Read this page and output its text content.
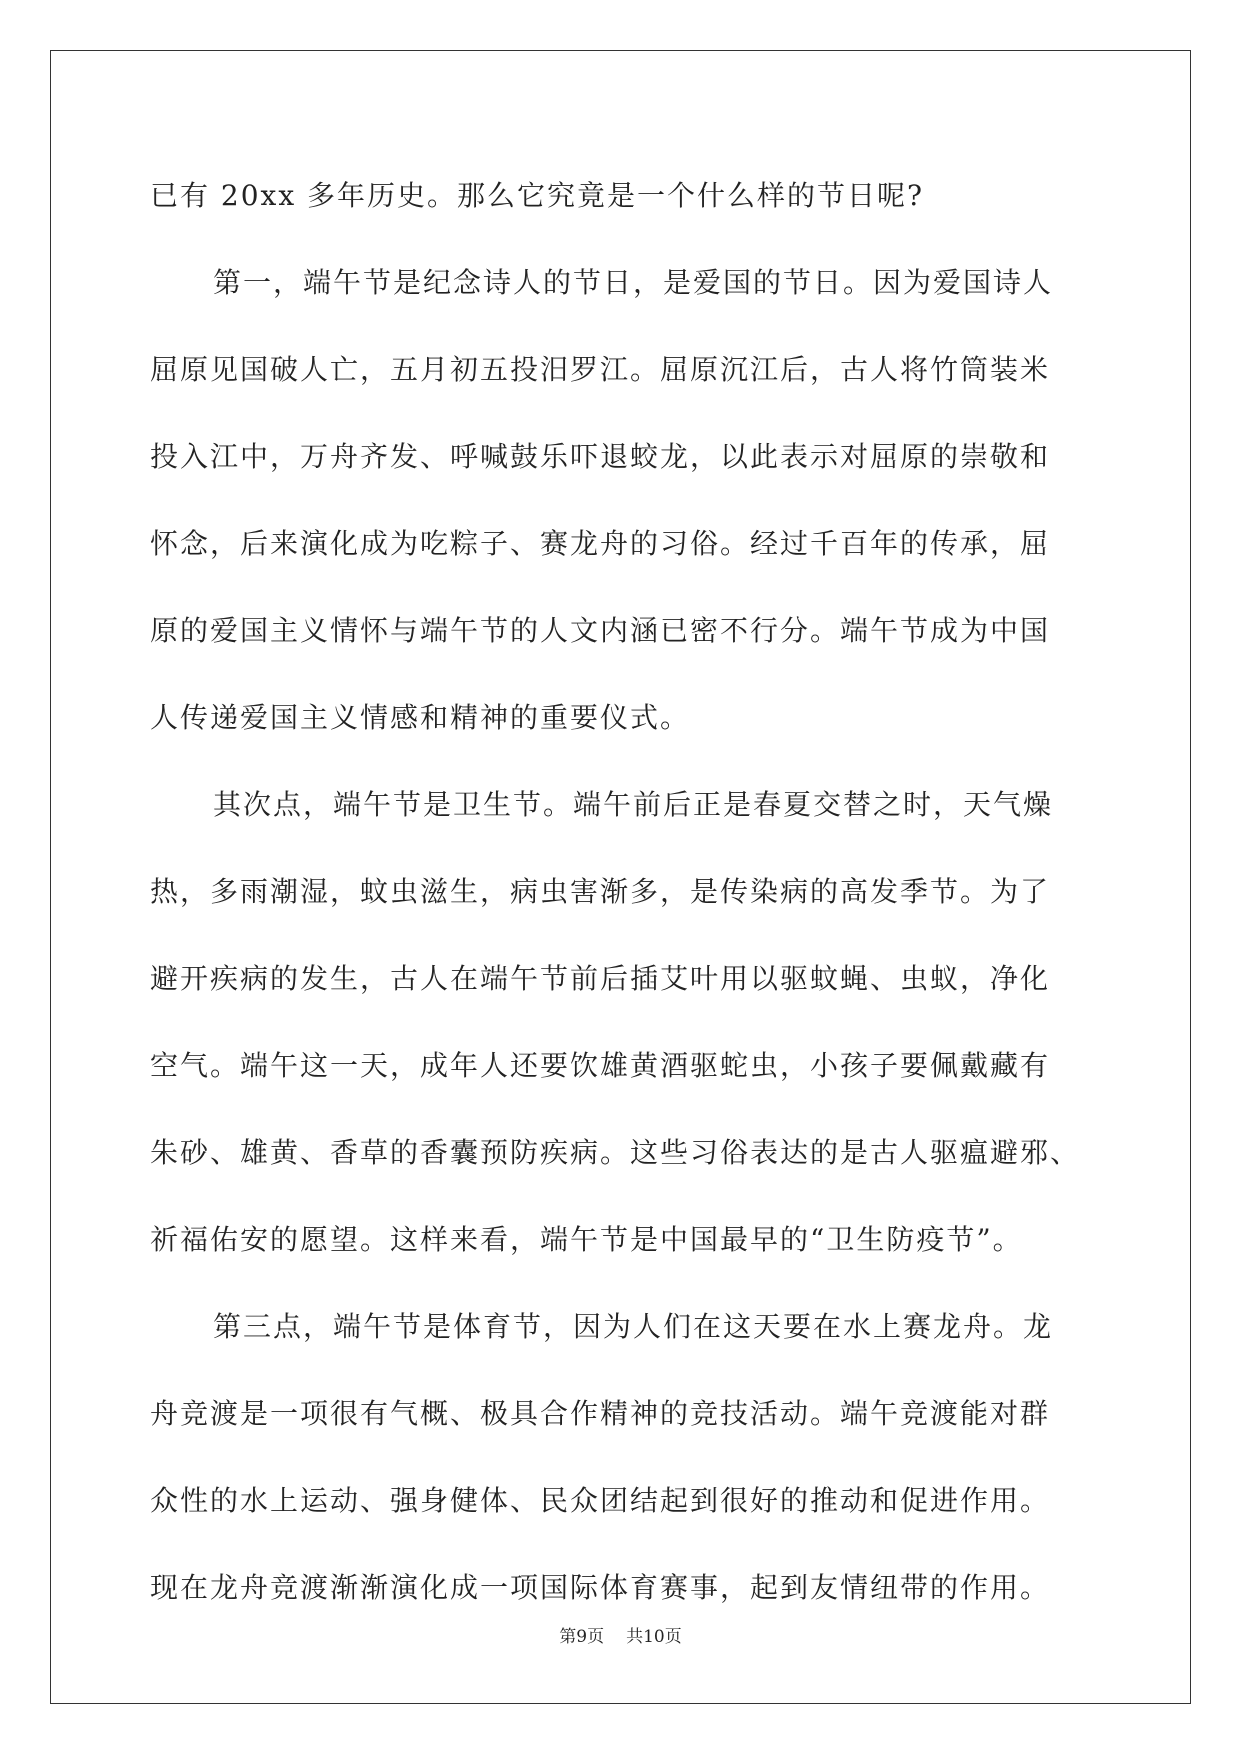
已有 20xx 多年历史。那么它究竟是一个什么样的节日呢?
第一，端午节是纪念诗人的节日，是爱国的节日。因为爱国诗人
屈原见国破人亡，五月初五投汨罗江。屈原沉江后，古人将竹筒装米
投入江中，万舟齐发、呼喊鼓乐吓退蛟龙，以此表示对屈原的崇敬和
怀念，后来演化成为吃粽子、赛龙舟的习俗。经过千百年的传承，屈
原的爱国主义情怀与端午节的人文内涵已密不行分。端午节成为中国
人传递爱国主义情感和精神的重要仪式。
其次点，端午节是卫生节。端午前后正是春夏交替之时，天气燥
热，多雨潮湿，蚊虫滋生，病虫害渐多，是传染病的高发季节。为了
避开疾病的发生，古人在端午节前后插艾叶用以驱蚊蝇、虫蚁，净化
空气。端午这一天，成年人还要饮雄黄酒驱蛇虫，小孩子要佩戴藏有
朱砂、雄黄、香草的香囊预防疾病。这些习俗表达的是古人驱瘟避邪、
祈福佑安的愿望。这样来看，端午节是中国最早的“卫生防疫节”。
第三点，端午节是体育节，因为人们在这天要在水上赛龙舟。龙
舟竞渡是一项很有气概、极具合作精神的竞技活动。端午竞渡能对群
众性的水上运动、强身健体、民众团结起到很好的推动和促进作用。
现在龙舟竞渡渐渐演化成一项国际体育赛事，起到友情纽带的作用。
第9页 共10页
